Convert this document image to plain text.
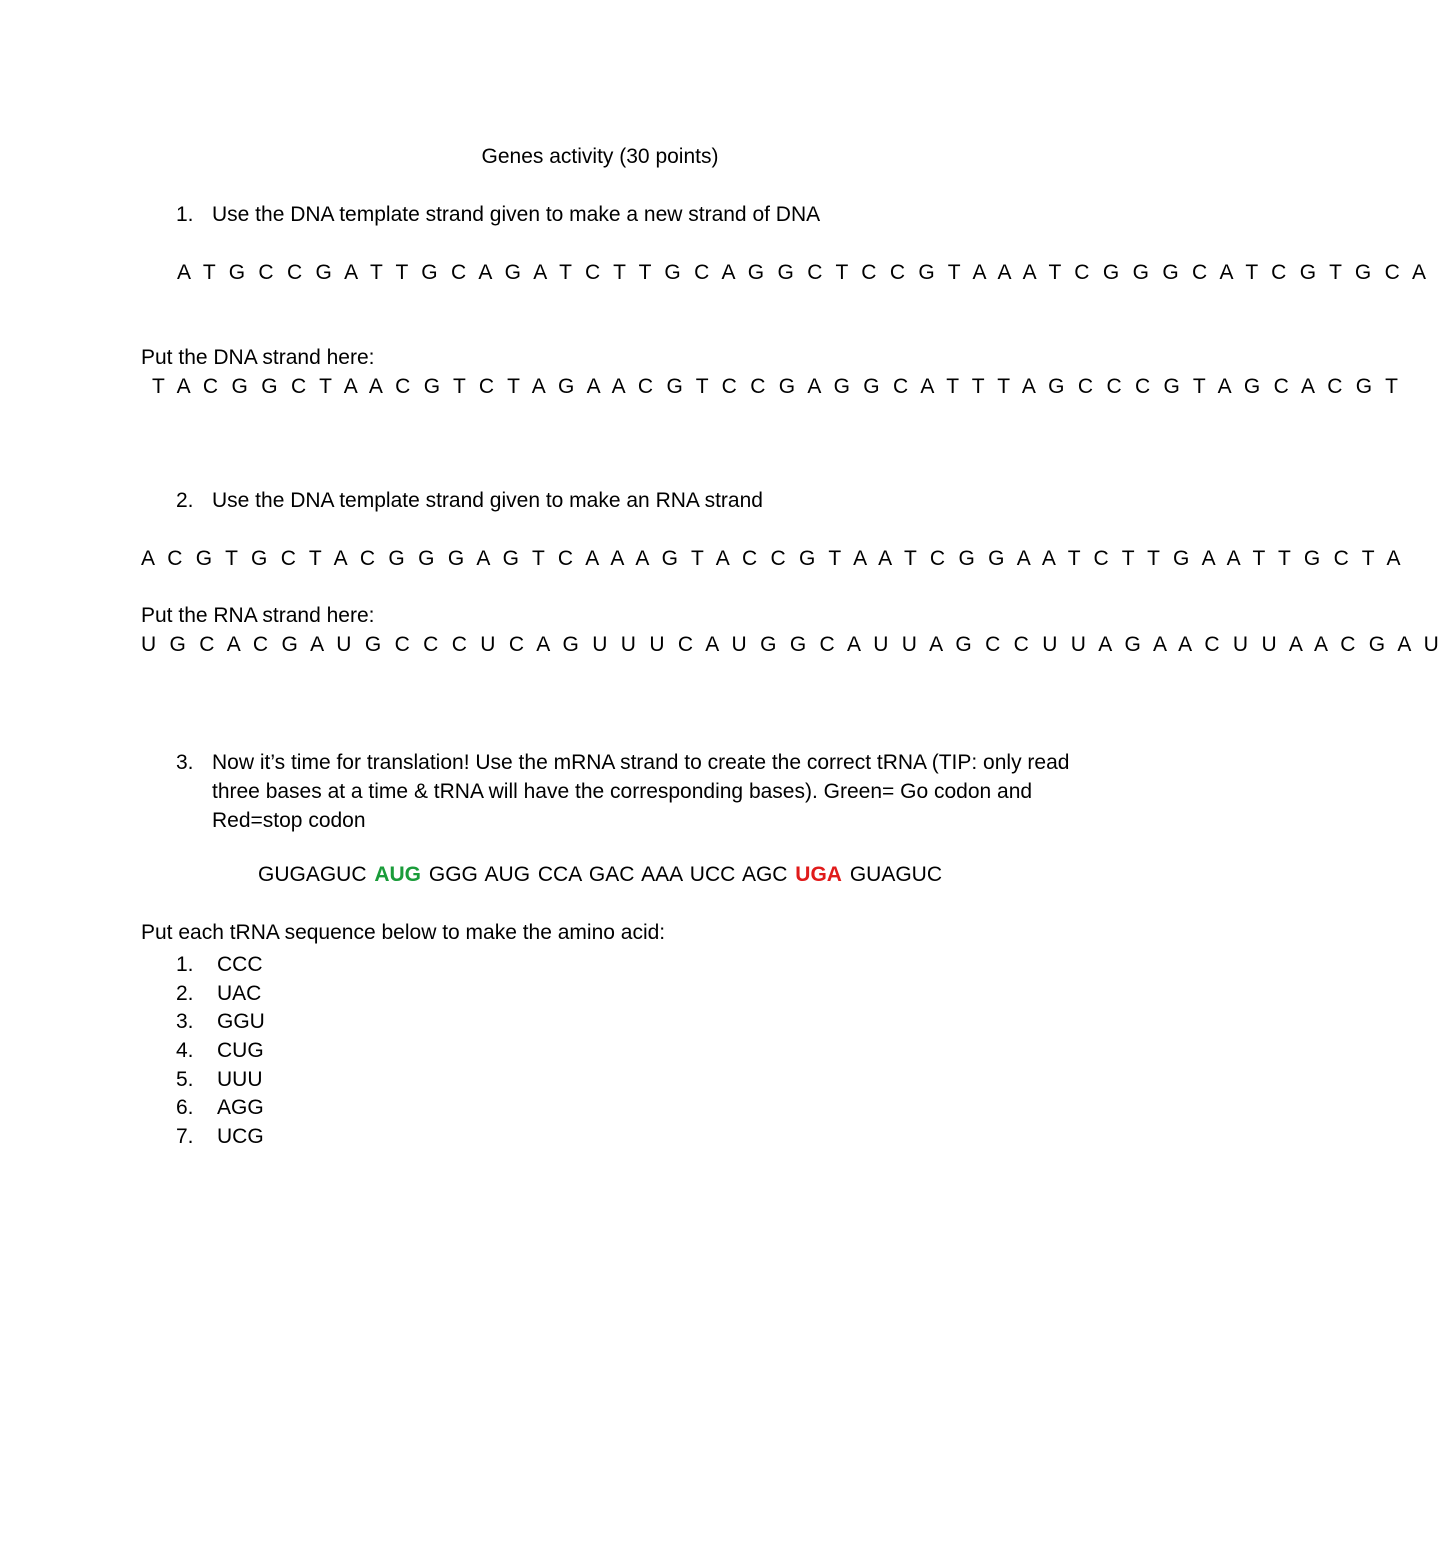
Genes activity (30 points)
1. Use the DNA template strand given to make a new strand of DNA
A T G C C G A T T G C A G A T C T T G C A G G C T C C G T A A A T C G G G C A T C G T G C A
Put the DNA strand here:
T A C G G C T A A C G T C T A G A A C G T C C G A G G C A T T T A G C C C G T A G C A C G T
2. Use the DNA template strand given to make an RNA strand
A C G T G C T A C G G G A G T C A A A G T A C C G T A A T C G G A A T C T T G A A T T G C T A
Put the RNA strand here:
U G C A C G A U G C C C U C A G U U U C A U G G C A U U A G C C U U A G A A C U U A A C G A U
3. Now it’s time for translation! Use the mRNA strand to create the correct tRNA (TIP: only read three bases at a time & tRNA will have the corresponding bases). Green= Go codon and Red=stop codon
GUGAGUC AUG GGG AUG CCA GAC AAA UCC AGC UGA GUAGUC
Put each tRNA sequence below to make the amino acid:
1.	CCC
2.	UAC
3.	GGU
4.	CUG
5.	UUU
6.	AGG
7.	UCG
